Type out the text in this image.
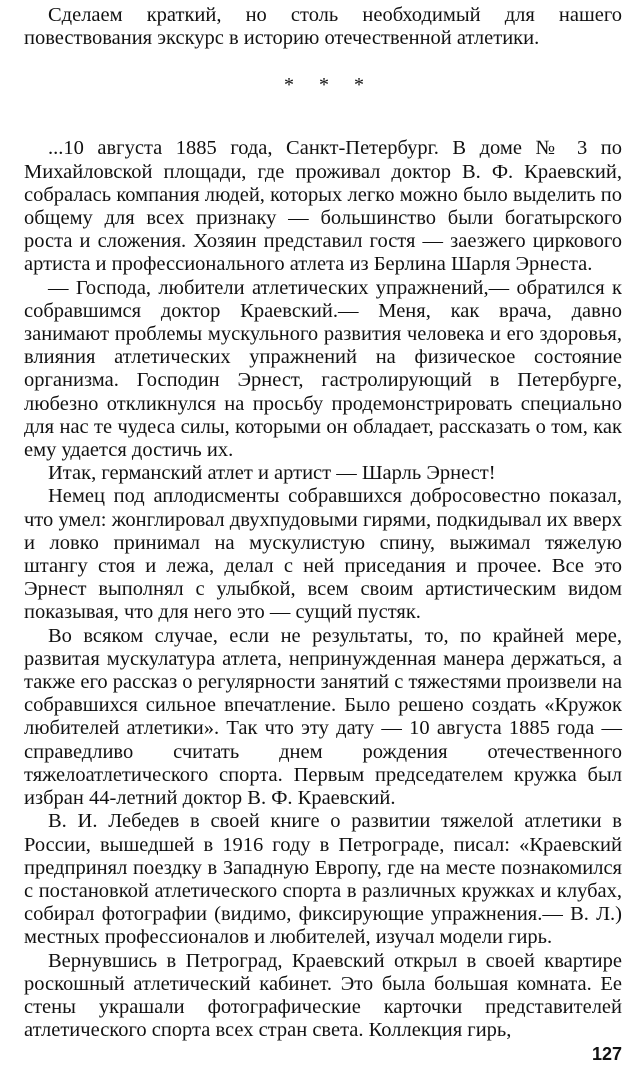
Сделаем краткий, но столь необходимый для нашего повествования экскурс в историю отечественной атлетики.

* * *

...10 августа 1885 года, Санкт-Петербург. В доме № 3 по Михайловской площади, где проживал доктор В. Ф. Краевский, собралась компания людей, которых легко можно было выделить по общему для всех признаку — большинство были богатырского роста и сложения. Хозяин представил гостя — заезжего циркового артиста и профессионального атлета из Берлина Шарля Эрнеста.

— Господа, любители атлетических упражнений,— обратился к собравшимся доктор Краевский.— Меня, как врача, давно занимают проблемы мускульного развития человека и его здоровья, влияния атлетических упражнений на физическое состояние организма. Господин Эрнест, гастролирующий в Петербурге, любезно откликнулся на просьбу продемонстрировать специально для нас те чудеса силы, которыми он обладает, рассказать о том, как ему удается достичь их.

Итак, германский атлет и артист — Шарль Эрнест!

Немец под аплодисменты собравшихся добросовестно показал, что умел: жонглировал двухпудовыми гирями, подкидывал их вверх и ловко принимал на мускулистую спину, выжимал тяжелую штангу стоя и лежа, делал с ней приседания и прочее. Все это Эрнест выполнял с улыбкой, всем своим артистическим видом показывая, что для него это — сущий пустяк.

Во всяком случае, если не результаты, то, по крайней мере, развитая мускулатура атлета, непринужденная манера держаться, а также его рассказ о регулярности занятий с тяжестями произвели на собравшихся сильное впечатление. Было решено создать «Кружок любителей атлетики». Так что эту дату — 10 августа 1885 года — справедливо считать днем рождения отечественного тяжелоатлетического спорта. Первым председателем кружка был избран 44-летний доктор В. Ф. Краевский.

В. И. Лебедев в своей книге о развитии тяжелой атлетики в России, вышедшей в 1916 году в Петрограде, писал: «Краевский предпринял поездку в Западную Европу, где на месте познакомился с постановкой атлетического спорта в различных кружках и клубах, собирал фотографии (видимо, фиксирующие упражнения.— В. Л.) местных профессионалов и любителей, изучал модели гирь.

Вернувшись в Петроград, Краевский открыл в своей квартире роскошный атлетический кабинет. Это была большая комната. Ее стены украшали фотографические карточки представителей атлетического спорта всех стран света. Коллекция гирь,

127
